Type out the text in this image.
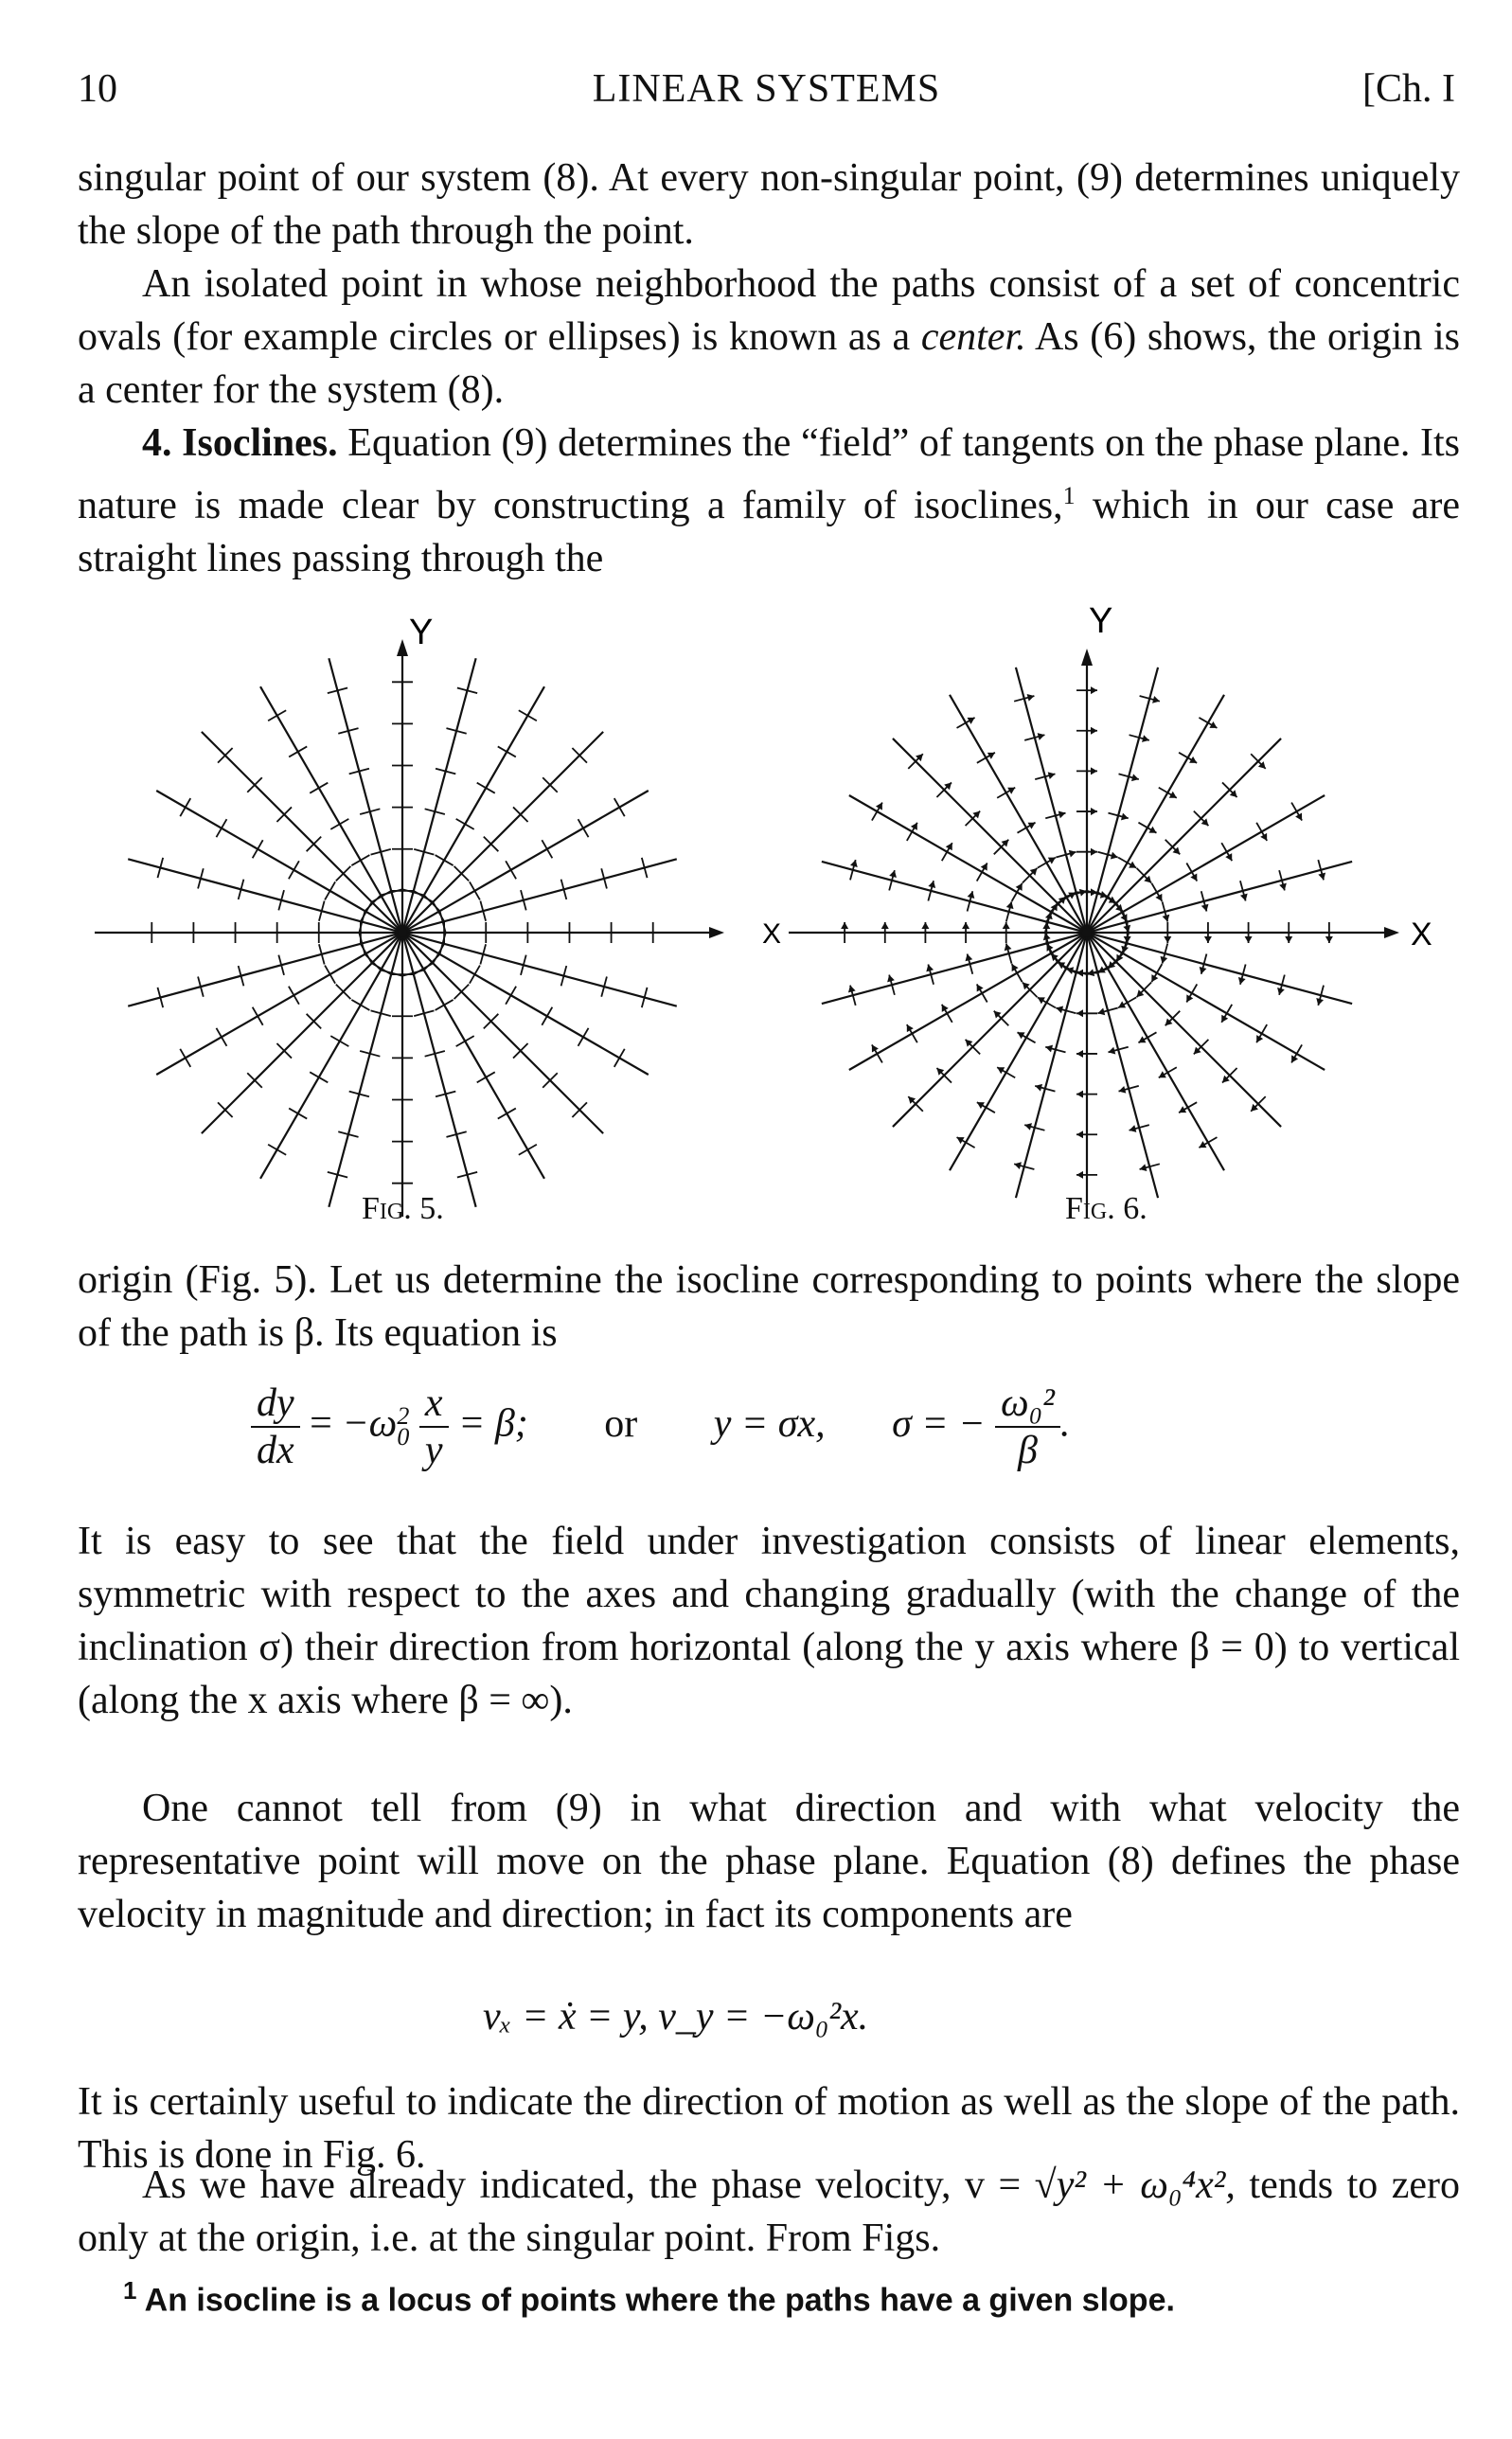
10	LINEAR SYSTEMS	[Ch. I

singular point of our system (8). At every non-singular point, (9) determines uniquely the slope of the path through the point.

An isolated point in whose neighborhood the paths consist of a set of concentric ovals (for example circles or ellipses) is known as a center. As (6) shows, the origin is a center for the system (8).

4. Isoclines. Equation (9) determines the “field” of tangents on the phase plane. Its nature is made clear by constructing a family of isoclines,$^1$ which in our case are straight lines passing through the

Y
X
Fig. 5.
Y
X
Fig. 6.

origin (Fig. 5). Let us determine the isocline corresponding to points where the slope of the path is β. Its equation is

$\frac{dy}{dx} = -\omega$ 2
0
$\frac{x}{y} = \beta$; or y = σx, σ = − $\frac{\text{ω₀²}}{\beta}$ .

It is easy to see that the field under investigation consists of linear elements, symmetric with respect to the axes and changing gradually (with the change of the inclination σ) their direction from horizontal (along the y axis where β = 0) to vertical (along the x axis where β = ∞).

One cannot tell from (9) in what direction and with what velocity the representative point will move on the phase plane. Equation (8) defines the phase velocity in magnitude and direction; in fact its components are

vₓ = ẋ = y, v_y = −ω₀²x.

It is certainly useful to indicate the direction of motion as well as the slope of the path. This is done in Fig. 6.

As we have already indicated, the phase velocity, v = √y² + ω₀⁴x², tends to zero only at the origin, i.e. at the singular point. From Figs.

$^1$ An isocline is a locus of points where the paths have a given slope.
